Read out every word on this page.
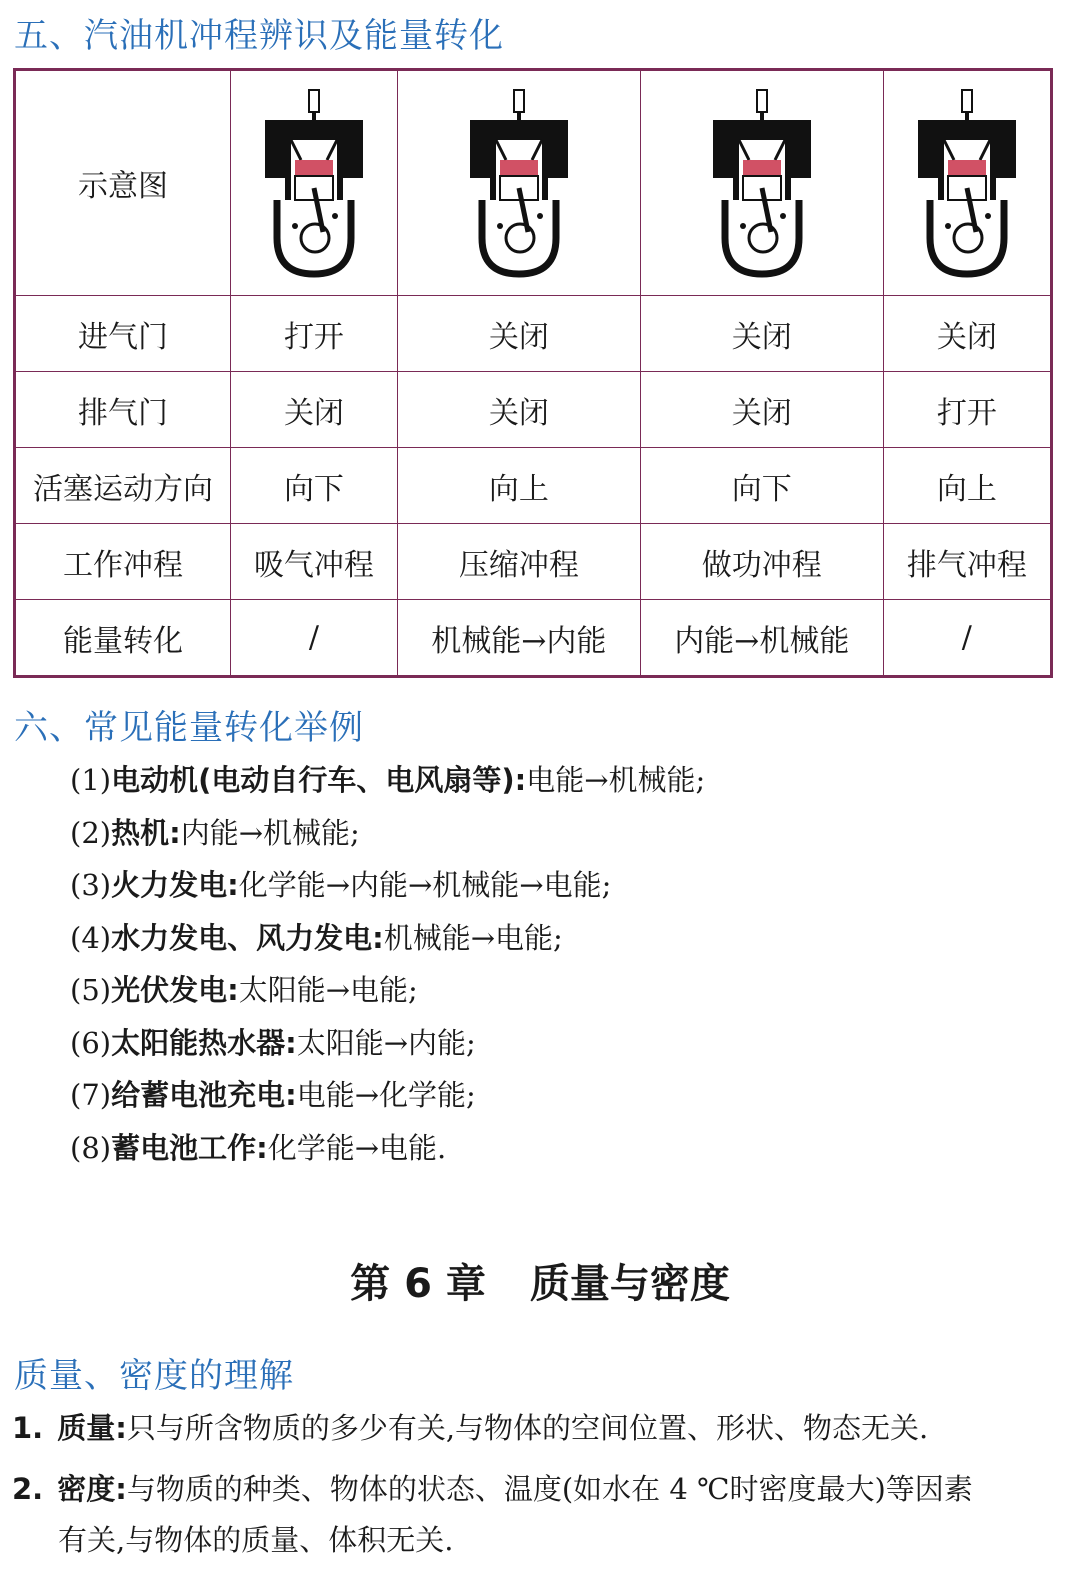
五、汽油机冲程辨识及能量转化
示意图	

进气门	打开	关闭	关闭	关闭
排气门	关闭	关闭	关闭	打开
活塞运动方向	向下	向上	向下	向上
工作冲程	吸气冲程	压缩冲程	做功冲程	排气冲程
能量转化	/	机械能→内能	内能→机械能	/
六、常见能量转化举例
(1)电动机(电动自行车、电风扇等):电能→机械能;
(2)热机:内能→机械能;
(3)火力发电:化学能→内能→机械能→电能;
(4)水力发电、风力发电:机械能→电能;
(5)光伏发电:太阳能→电能;
(6)太阳能热水器:太阳能→内能;
(7)给蓄电池充电:电能→化学能;
(8)蓄电池工作:化学能→电能.
第 6 章 质量与密度
质量、密度的理解
1. 质量:只与所含物质的多少有关,与物体的空间位置、形状、物态无关.
2. 密度:与物质的种类、物体的状态、温度(如水在 4 ℃时密度最大)等因素
有关,与物体的质量、体积无关.
